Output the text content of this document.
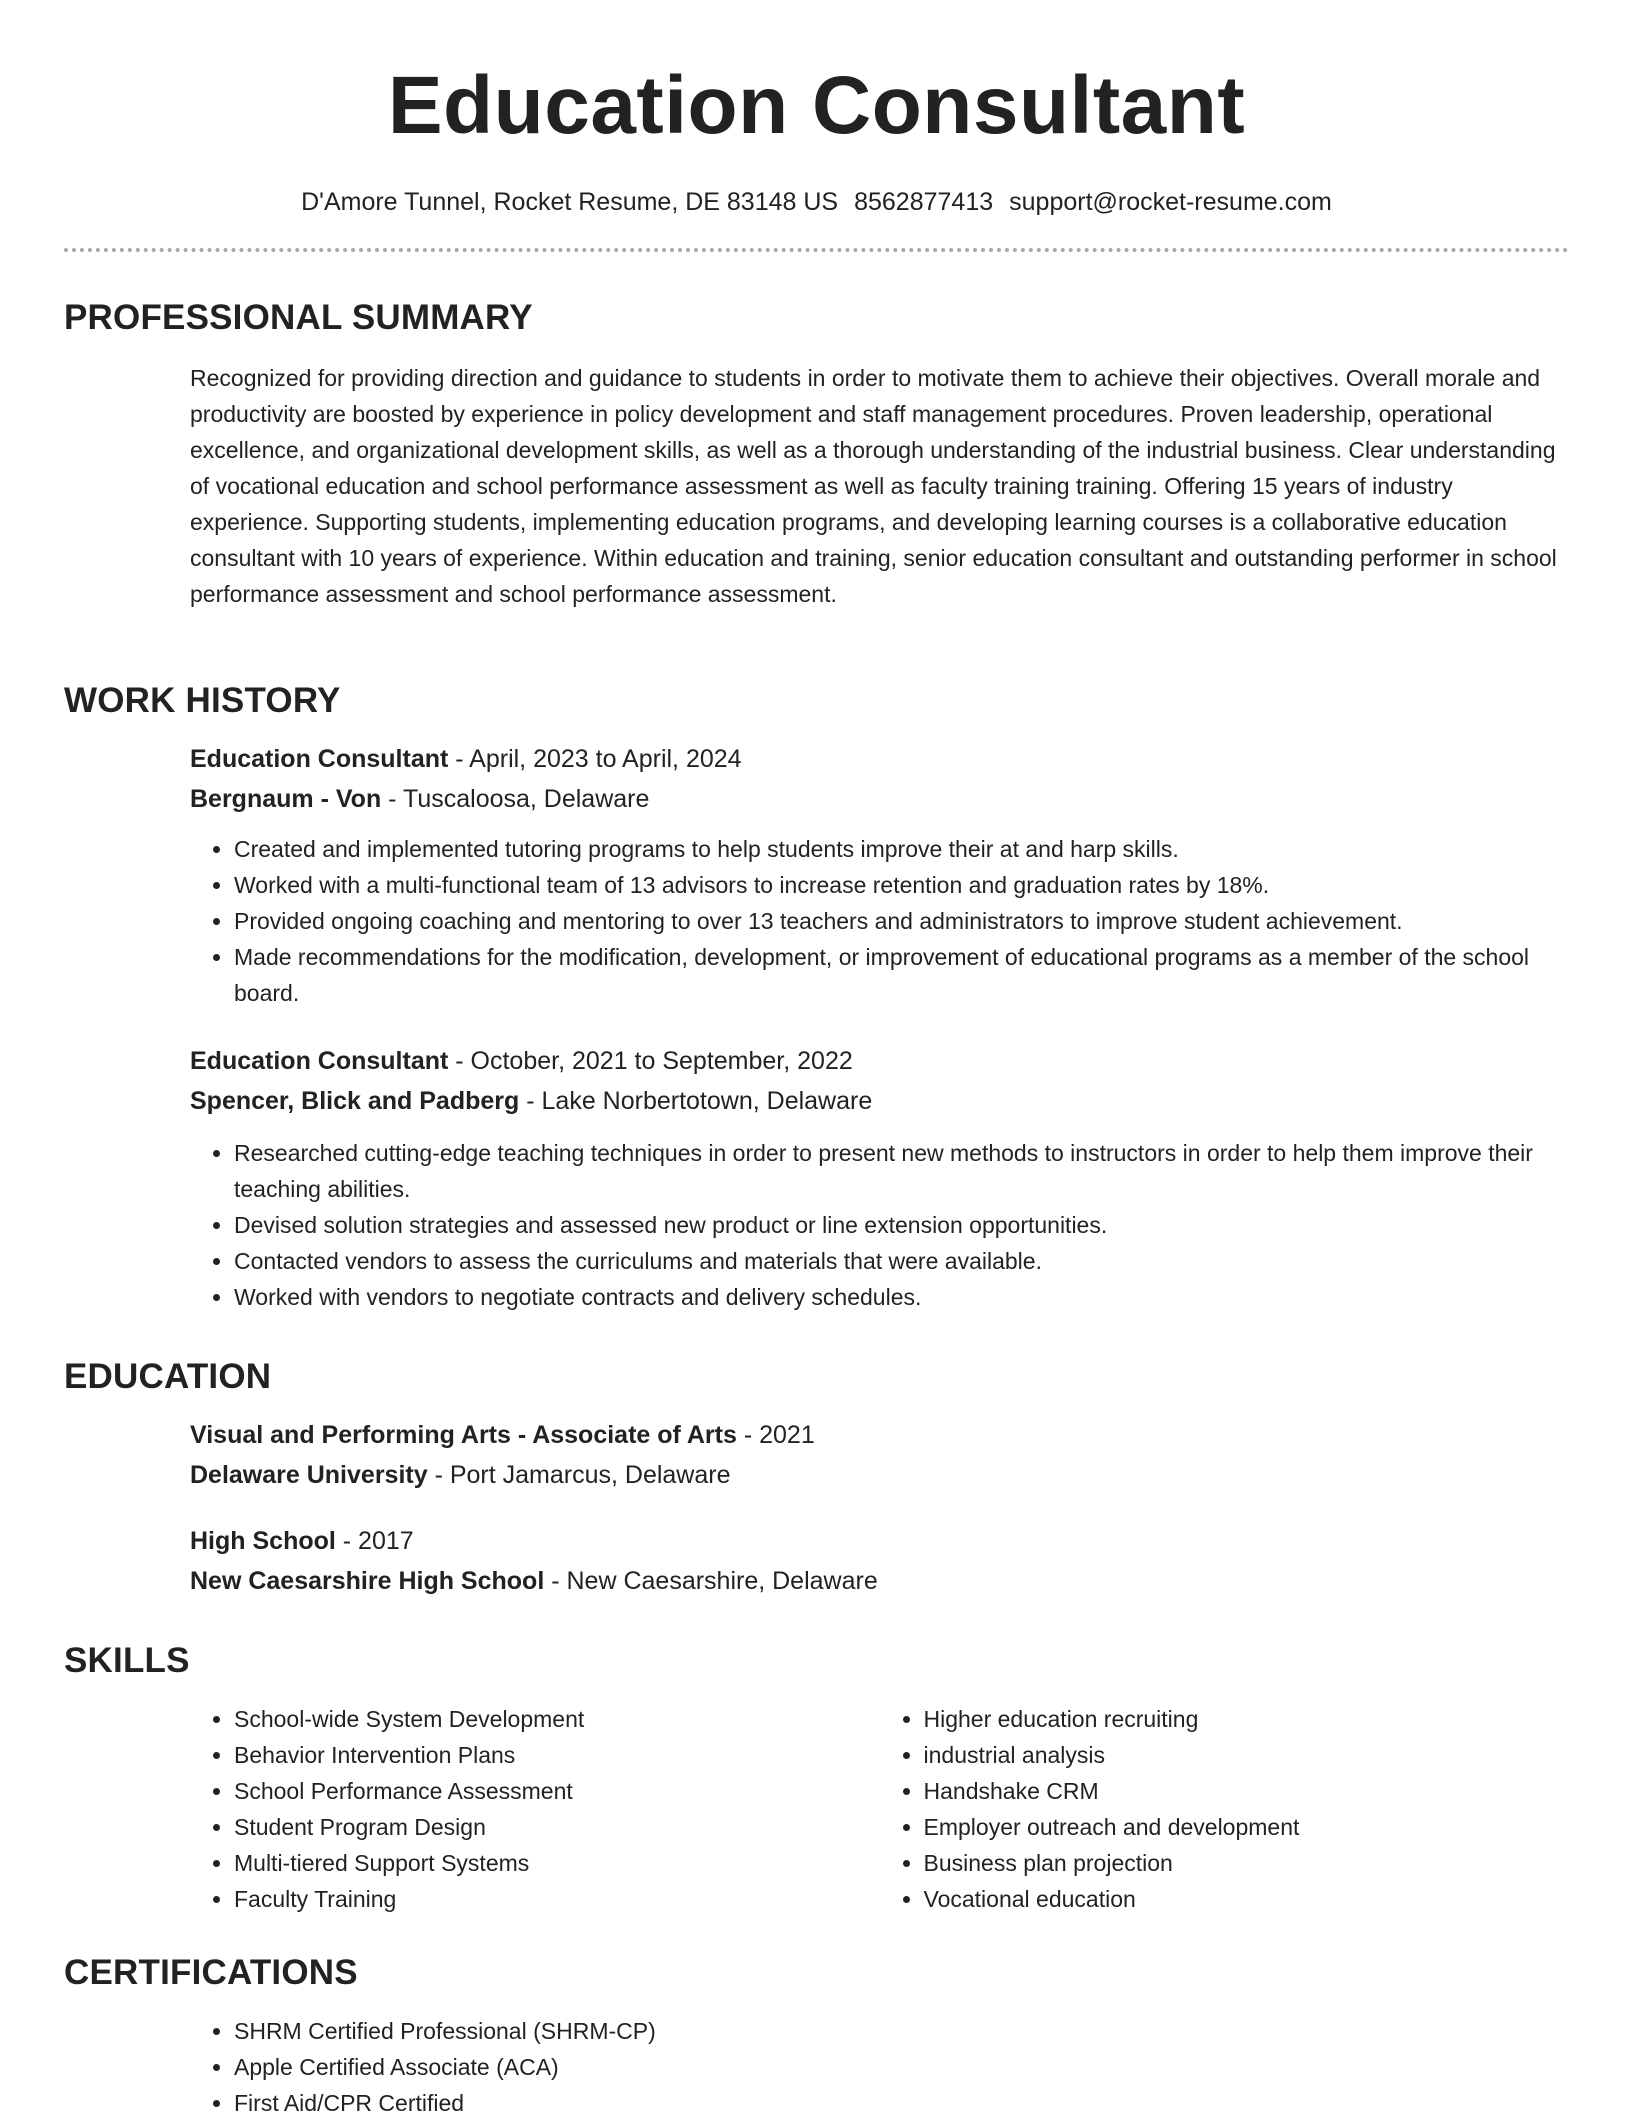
Education Consultant
D'Amore Tunnel, Rocket Resume, DE 83148 US 8562877413 support@rocket-resume.com
PROFESSIONAL SUMMARY

Recognized for providing direction and guidance to students in order to motivate them to achieve their objectives. Overall morale and productivity are boosted by experience in policy development and staff management procedures. Proven leadership, operational excellence, and organizational development skills, as well as a thorough understanding of the industrial business. Clear understanding of vocational education and school performance assessment as well as faculty training training. Offering 15 years of industry experience. Supporting students, implementing education programs, and developing learning courses is a collaborative education consultant with 10 years of experience. Within education and training, senior education consultant and outstanding performer in school performance assessment and school performance assessment.

WORK HISTORY

Education Consultant - April, 2023 to April, 2024

Bergnaum - Von - Tuscaloosa, Delaware

• Created and implemented tutoring programs to help students improve their at and harp skills.
• Worked with a multi-functional team of 13 advisors to increase retention and graduation rates by 18%.
• Provided ongoing coaching and mentoring to over 13 teachers and administrators to improve student achievement.
• Made recommendations for the modification, development, or improvement of educational programs as a member of the school board.

Education Consultant - October, 2021 to September, 2022

Spencer, Blick and Padberg - Lake Norbertotown, Delaware

• Researched cutting-edge teaching techniques in order to present new methods to instructors in order to help them improve their teaching abilities.
• Devised solution strategies and assessed new product or line extension opportunities.
• Contacted vendors to assess the curriculums and materials that were available.
• Worked with vendors to negotiate contracts and delivery schedules.
EDUCATION

Visual and Performing Arts - Associate of Arts - 2021

Delaware University - Port Jamarcus, Delaware

High School - 2017

New Caesarshire High School - New Caesarshire, Delaware

SKILLS
• School-wide System Development
• Behavior Intervention Plans
• School Performance Assessment
• Student Program Design
• Multi-tiered Support Systems
• Faculty Training
• Higher education recruiting
• industrial analysis
• Handshake CRM
• Employer outreach and development
• Business plan projection
• Vocational education
CERTIFICATIONS
• SHRM Certified Professional (SHRM-CP)
• Apple Certified Associate (ACA)
• First Aid/CPR Certified
